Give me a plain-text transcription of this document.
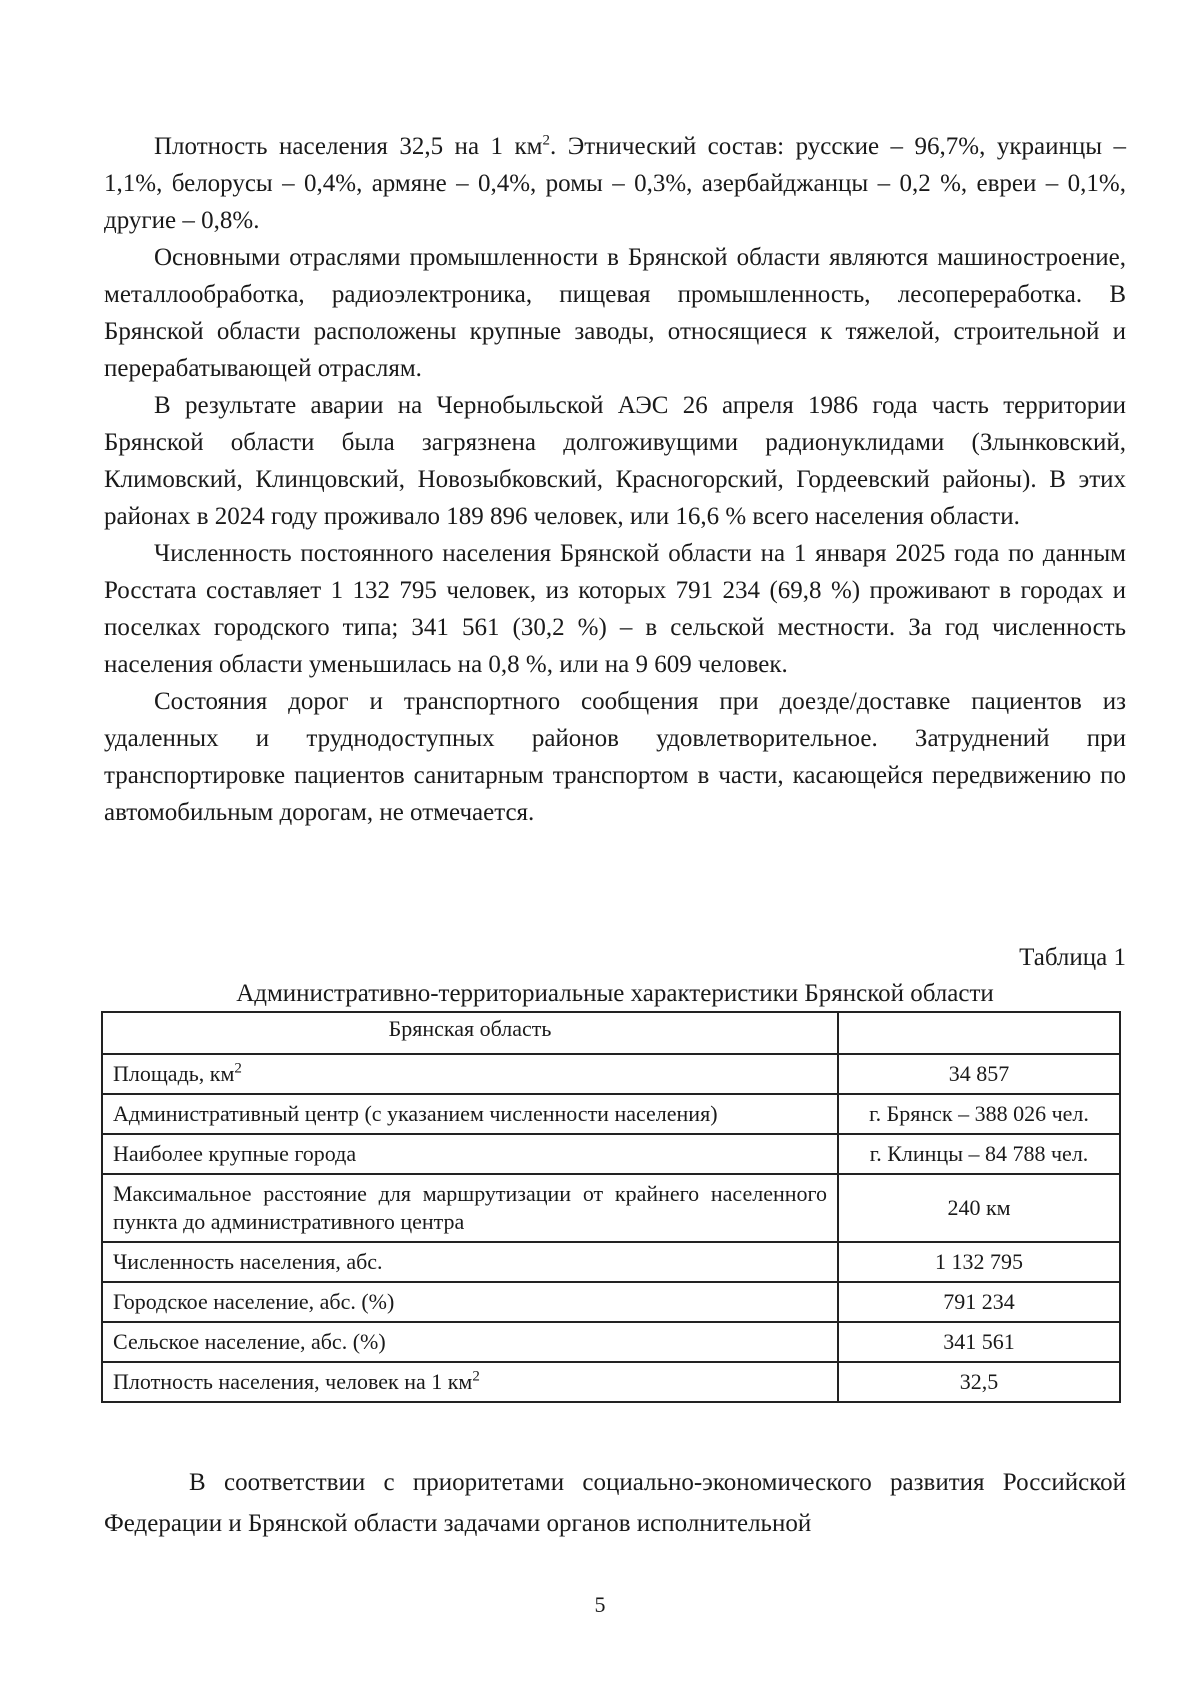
Плотность населения 32,5 на 1 $км^2$. Этнический состав: русские – 96,7%, украинцы – 1,1%, белорусы – 0,4%, армяне – 0,4%, ромы – 0,3%, азербайджанцы – 0,2 %, евреи – 0,1%, другие – 0,8%.

Основными отраслями промышленности в Брянской области являются машиностроение, металлообработка, радиоэлектроника, пищевая промышленность, лесопереработка. В Брянской области расположены крупные заводы, относящиеся к тяжелой, строительной и перерабатывающей отраслям.

В результате аварии на Чернобыльской АЭС 26 апреля 1986 года часть территории Брянской области была загрязнена долгоживущими радионуклидами (Злынковский, Климовский, Клинцовский, Новозыбковский, Красногорский, Гордеевский районы). В этих районах в 2024 году проживало 189 896 человек, или 16,6 % всего населения области.

Численность постоянного населения Брянской области на 1 января 2025 года по данным Росстата составляет 1 132 795 человек, из которых 791 234 (69,8 %) проживают в городах и поселках городского типа; 341 561 (30,2 %) – в сельской местности. За год численность населения области уменьшилась на 0,8 %, или на 9 609 человек.

Состояния дорог и транспортного сообщения при доезде/доставке пациентов из удаленных и труднодоступных районов удовлетворительное. Затруднений при транспортировке пациентов санитарным транспортом в части, касающейся передвижению по автомобильным дорогам, не отмечается.

Таблица 1
Административно-территориальные характеристики Брянской области
Брянская область	
Площадь, $км^2$	34 857
Административный центр (с указанием численности населения)	г. Брянск – 388 026 чел.
Наиболее крупные города	г. Клинцы – 84 788 чел.
Максимальное расстояние для маршрутизации от крайнего населенного пункта до административного центра	240 км
Численность населения, абс.	1 132 795
Городское население, абс. (%)	791 234
Сельское население, абс. (%)	341 561
Плотность населения, человек на 1 $км^2$	32,5

В соответствии с приоритетами социально-экономического развития Российской Федерации и Брянской области задачами органов исполнительной

5
